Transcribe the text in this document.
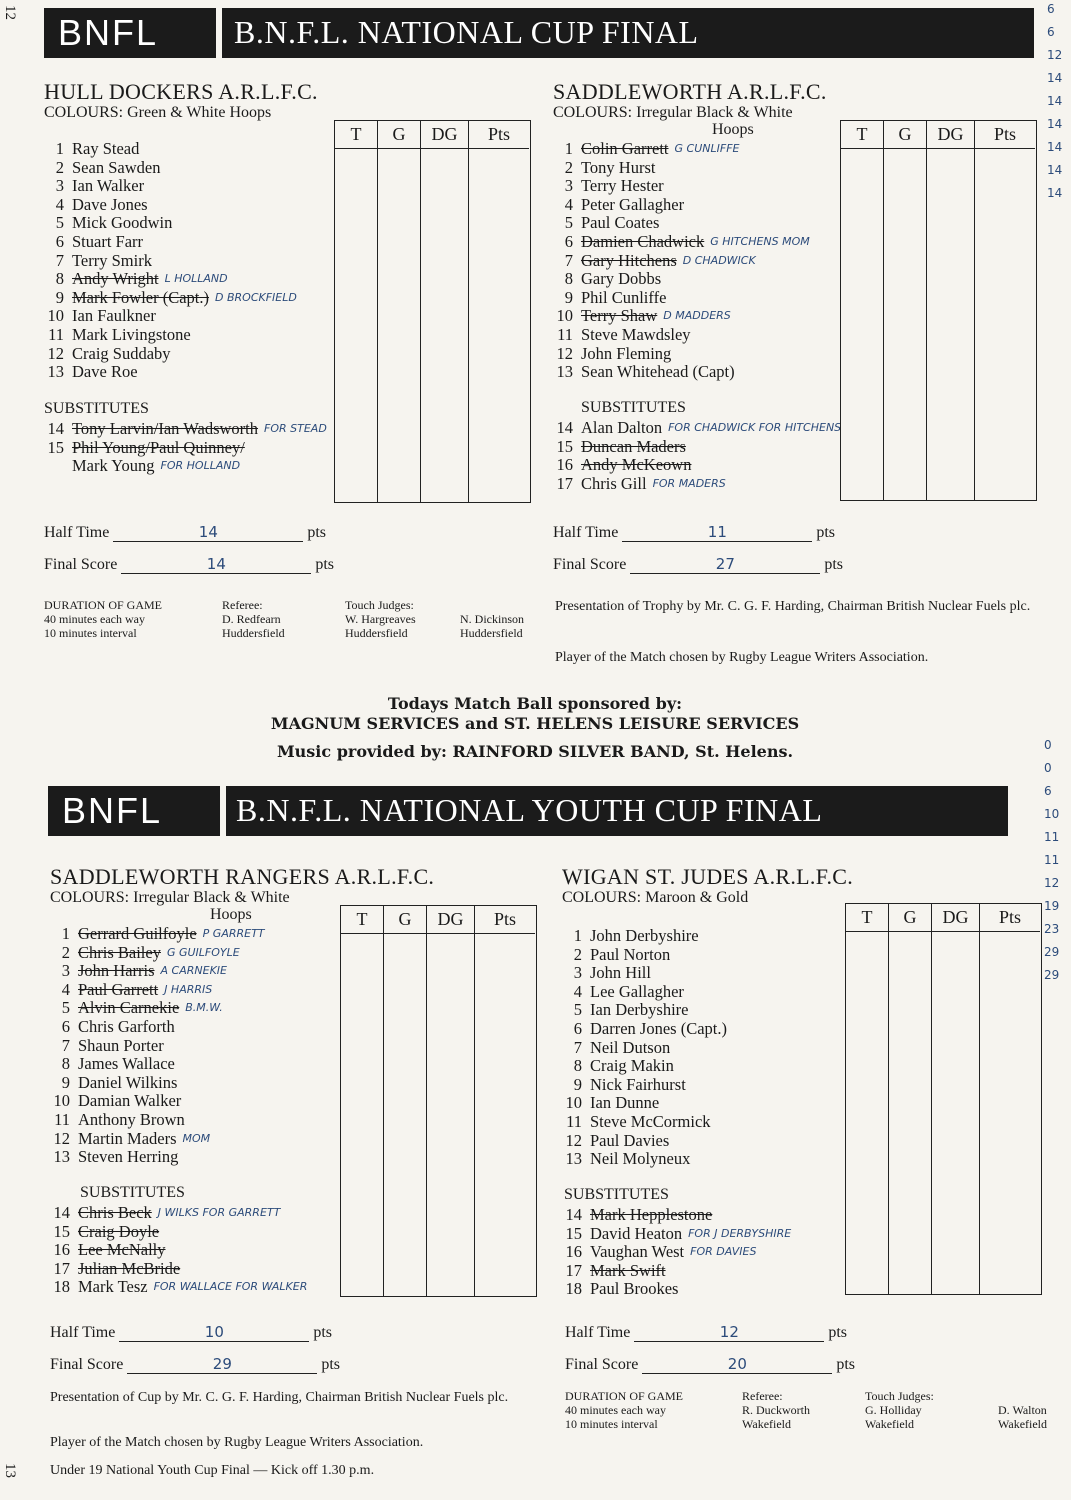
12
13
BNFL B.N.F.L. NATIONAL CUP FINAL
HULL DOCKERS A.R.L.F.C.
COLOURS: Green & White Hoops
1 Ray Stead
2 Sean Sawden
3 Ian Walker
4 Dave Jones
5 Mick Goodwin
6 Stuart Farr
7 Terry Smirk
8 Andy Wright L HOLLAND
9 Mark Fowler (Capt.) D BROCKFIELD
10 Ian Faulkner
11 Mark Livingstone
12 Craig Suddaby
13 Dave Roe
SUBSTITUTES
14 Tony Larvin/Ian Wadsworth FOR STEAD
15 Phil Young/Paul Quinney/
Mark Young FOR HOLLAND
T	G	DG	Pts
SADDLEWORTH A.R.L.F.C.
COLOURS: Irregular Black & White
Hoops
1 Colin Garrett G CUNLIFFE
2 Tony Hurst
3 Terry Hester
4 Peter Gallagher
5 Paul Coates
6 Damien Chadwick G HITCHENS MOM
7 Gary Hitchens D CHADWICK
8 Gary Dobbs
9 Phil Cunliffe
10 Terry Shaw D MADDERS
11 Steve Mawdsley
12 John Fleming
13 Sean Whitehead (Capt)
SUBSTITUTES
14 Alan Dalton FOR CHADWICK FOR HITCHENS
15 Duncan Maders
16 Andy McKeown
17 Chris Gill FOR MADERS
T	G	DG	Pts
Half Time	14	pts
Final Score	14	pts
Half Time	11	pts
Final Score	27	pts
DURATION OF GAME
40 minutes each way
10 minutes interval
Referee:
D. Redfearn
Huddersfield
Touch Judges:
W. Hargreaves
Huddersfield
N. Dickinson
Huddersfield
Presentation of Trophy by Mr. C. G. F. Harding, Chairman British Nuclear Fuels plc.
Player of the Match chosen by Rugby League Writers Association.
Todays Match Ball sponsored by:
MAGNUM SERVICES and ST. HELENS LEISURE SERVICES
Music provided by: RAINFORD SILVER BAND, St. Helens.
BNFL B.N.F.L. NATIONAL YOUTH CUP FINAL
SADDLEWORTH RANGERS A.R.L.F.C.
COLOURS: Irregular Black & White
Hoops
1 Gerrard Guilfoyle P GARRETT
2 Chris Bailey G GUILFOYLE
3 John Harris A CARNEKIE
4 Paul Garrett J HARRIS
5 Alvin Carnekie B.M.W.
6 Chris Garforth
7 Shaun Porter
8 James Wallace
9 Daniel Wilkins
10 Damian Walker
11 Anthony Brown
12 Martin Maders MOM
13 Steven Herring
SUBSTITUTES
14 Chris Beck J WILKS FOR GARRETT
15 Craig Doyle
16 Lee McNally
17 Julian McBride
18 Mark Tesz FOR WALLACE FOR WALKER
T	G	DG	Pts
WIGAN ST. JUDES A.R.L.F.C.
COLOURS: Maroon & Gold
1 John Derbyshire
2 Paul Norton
3 John Hill
4 Lee Gallagher
5 Ian Derbyshire
6 Darren Jones (Capt.)
7 Neil Dutson
8 Craig Makin
9 Nick Fairhurst
10 Ian Dunne
11 Steve McCormick
12 Paul Davies
13 Neil Molyneux
SUBSTITUTES
14 Mark Hepplestone
15 David Heaton FOR J DERBYSHIRE
16 Vaughan West FOR DAVIES
17 Mark Swift
18 Paul Brookes
T	G	DG	Pts
Half Time	10	pts
Final Score	29	pts
Half Time	12	pts
Final Score	20	pts
Presentation of Cup by Mr. C. G. F. Harding, Chairman British Nuclear Fuels plc.
Player of the Match chosen by Rugby League Writers Association.
Under 19 National Youth Cup Final — Kick off 1.30 p.m.
DURATION OF GAME
40 minutes each way
10 minutes interval
Referee:
R. Duckworth
Wakefield
Touch Judges:
G. Holliday
Wakefield
D. Walton
Wakefield
6
6
12
14
14
14
14
14
14
0
0
6
10
11
11
12
19
23
29
29
